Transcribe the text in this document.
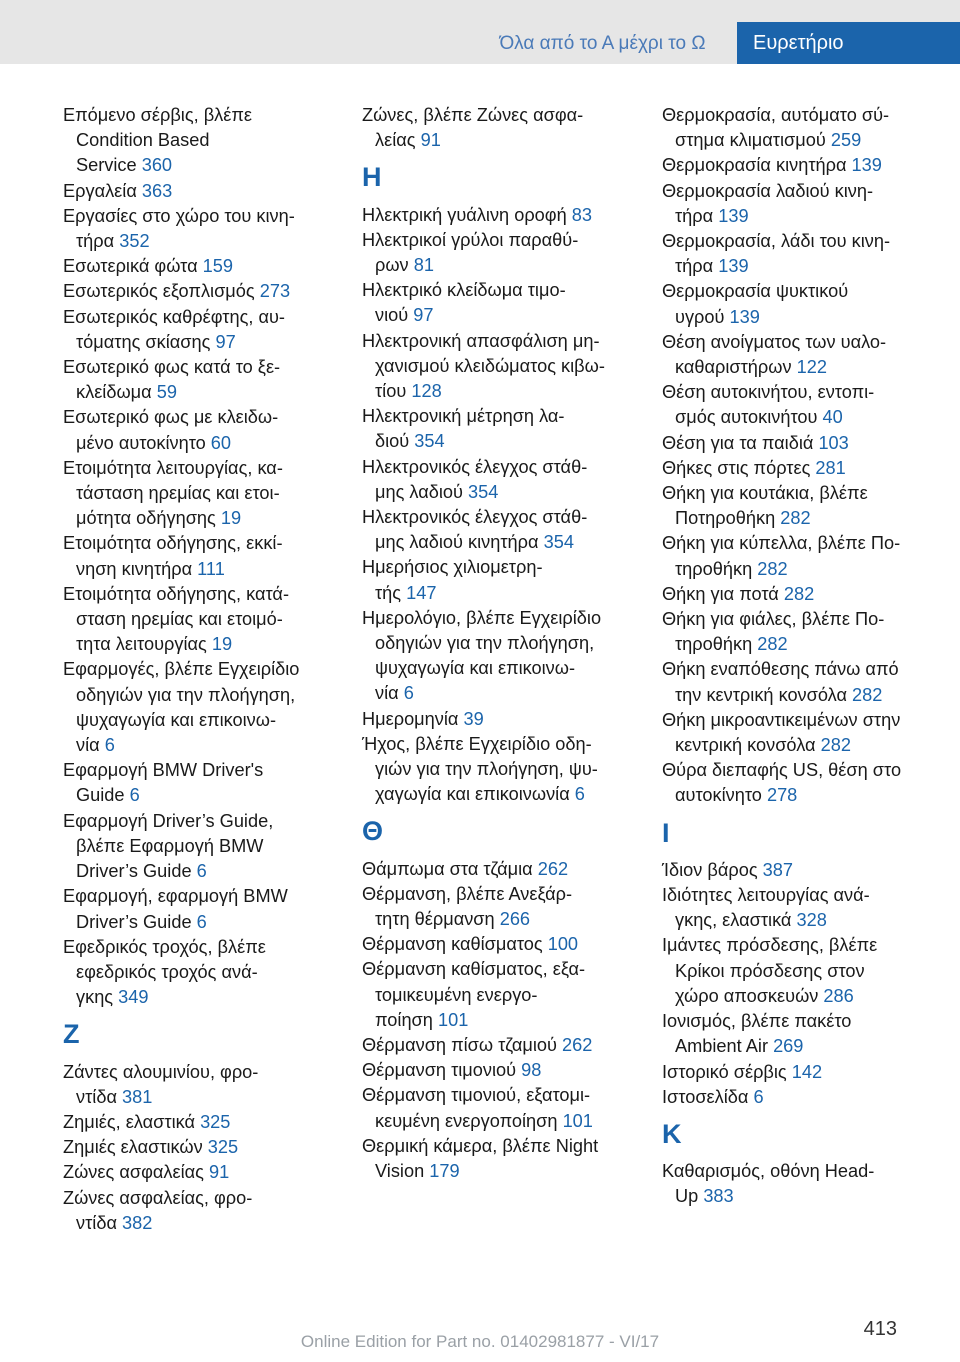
Όλα από το Α μέχρι το Ω	Ευρετήριο
Επόμενο σέρβις, βλέπε
Condition Based
Service 360
Εργαλεία 363
Εργασίες στο χώρο του κινη‐
τήρα 352
Εσωτερικά φώτα 159
Εσωτερικός εξοπλισμός 273
Εσωτερικός καθρέφτης, αυ‐
τόματης σκίασης 97
Εσωτερικό φως κατά το ξε‐
κλείδωμα 59
Εσωτερικό φως με κλειδω‐
μένο αυτοκίνητο 60
Ετοιμότητα λειτουργίας, κα‐
τάσταση ηρεμίας και ετοι‐
μότητα οδήγησης 19
Ετοιμότητα οδήγησης, εκκί‐
νηση κινητήρα 111
Ετοιμότητα οδήγησης, κατά‐
σταση ηρεμίας και ετοιμό‐
τητα λειτουργίας 19
Εφαρμογές, βλέπε Εγχειρίδιο
οδηγιών για την πλοήγηση,
ψυχαγωγία και επικοινω‐
νία 6
Εφαρμογή BMW Driver's
Guide 6
Εφαρμογή Driver’s Guide,
βλέπε Εφαρμογή BMW
Driver’s Guide 6
Εφαρμογή, εφαρμογή BMW
Driver’s Guide 6
Εφεδρικός τροχός, βλέπε
εφεδρικός τροχός ανά‐
γκης 349
Z
Ζάντες αλουμινίου, φρο‐
ντίδα 381
Ζημιές, ελαστικά 325
Ζημιές ελαστικών 325
Ζώνες ασφαλείας 91
Ζώνες ασφαλείας, φρο‐
ντίδα 382
Ζώνες, βλέπε Ζώνες ασφα‐
λείας 91
H
Ηλεκτρική γυάλινη οροφή 83
Ηλεκτρικοί γρύλοι παραθύ‐
ρων 81
Ηλεκτρικό κλείδωμα τιμο‐
νιού 97
Ηλεκτρονική απασφάλιση μη‐
χανισμού κλειδώματος κιβω‐
τίου 128
Ηλεκτρονική μέτρηση λα‐
διού 354
Ηλεκτρονικός έλεγχος στάθ‐
μης λαδιού 354
Ηλεκτρονικός έλεγχος στάθ‐
μης λαδιού κινητήρα 354
Ημερήσιος χιλιομετρη‐
τής 147
Ημερολόγιο, βλέπε Εγχειρίδιο
οδηγιών για την πλοήγηση,
ψυχαγωγία και επικοινω‐
νία 6
Ημερομηνία 39
Ήχος, βλέπε Εγχειρίδιο οδη‐
γιών για την πλοήγηση, ψυ‐
χαγωγία και επικοινωνία 6
Θ
Θάμπωμα στα τζάμια 262
Θέρμανση, βλέπε Ανεξάρ‐
τητη θέρμανση 266
Θέρμανση καθίσματος 100
Θέρμανση καθίσματος, εξα‐
τομικευμένη ενεργο‐
ποίηση 101
Θέρμανση πίσω τζαμιού 262
Θέρμανση τιμονιού 98
Θέρμανση τιμονιού, εξατομι‐
κευμένη ενεργοποίηση 101
Θερμική κάμερα, βλέπε Night
Vision 179
Θερμοκρασία, αυτόματο σύ‐
στημα κλιματισμού 259
Θερμοκρασία κινητήρα 139
Θερμοκρασία λαδιού κινη‐
τήρα 139
Θερμοκρασία, λάδι του κινη‐
τήρα 139
Θερμοκρασία ψυκτικού
υγρού 139
Θέση ανοίγματος των υαλο‐
καθαριστήρων 122
Θέση αυτοκινήτου, εντοπι‐
σμός αυτοκινήτου 40
Θέση για τα παιδιά 103
Θήκες στις πόρτες 281
Θήκη για κουτάκια, βλέπε
Ποτηροθήκη 282
Θήκη για κύπελλα, βλέπε Πο‐
τηροθήκη 282
Θήκη για ποτά 282
Θήκη για φιάλες, βλέπε Πο‐
τηροθήκη 282
Θήκη εναπόθεσης πάνω από
την κεντρική κονσόλα 282
Θήκη μικροαντικειμένων στην
κεντρική κονσόλα 282
Θύρα διεπαφής US, θέση στο
αυτοκίνητο 278
I
Ίδιον βάρος 387
Ιδιότητες λειτουργίας ανά‐
γκης, ελαστικά 328
Ιμάντες πρόσδεσης, βλέπε
Κρίκοι πρόσδεσης στον
χώρο αποσκευών 286
Ιονισμός, βλέπε πακέτο
Ambient Air 269
Ιστορικό σέρβις 142
Ιστοσελίδα 6
K
Καθαρισμός, οθόνη Head-
Up 383
413
Online Edition for Part no. 01402981877 - VI/17
